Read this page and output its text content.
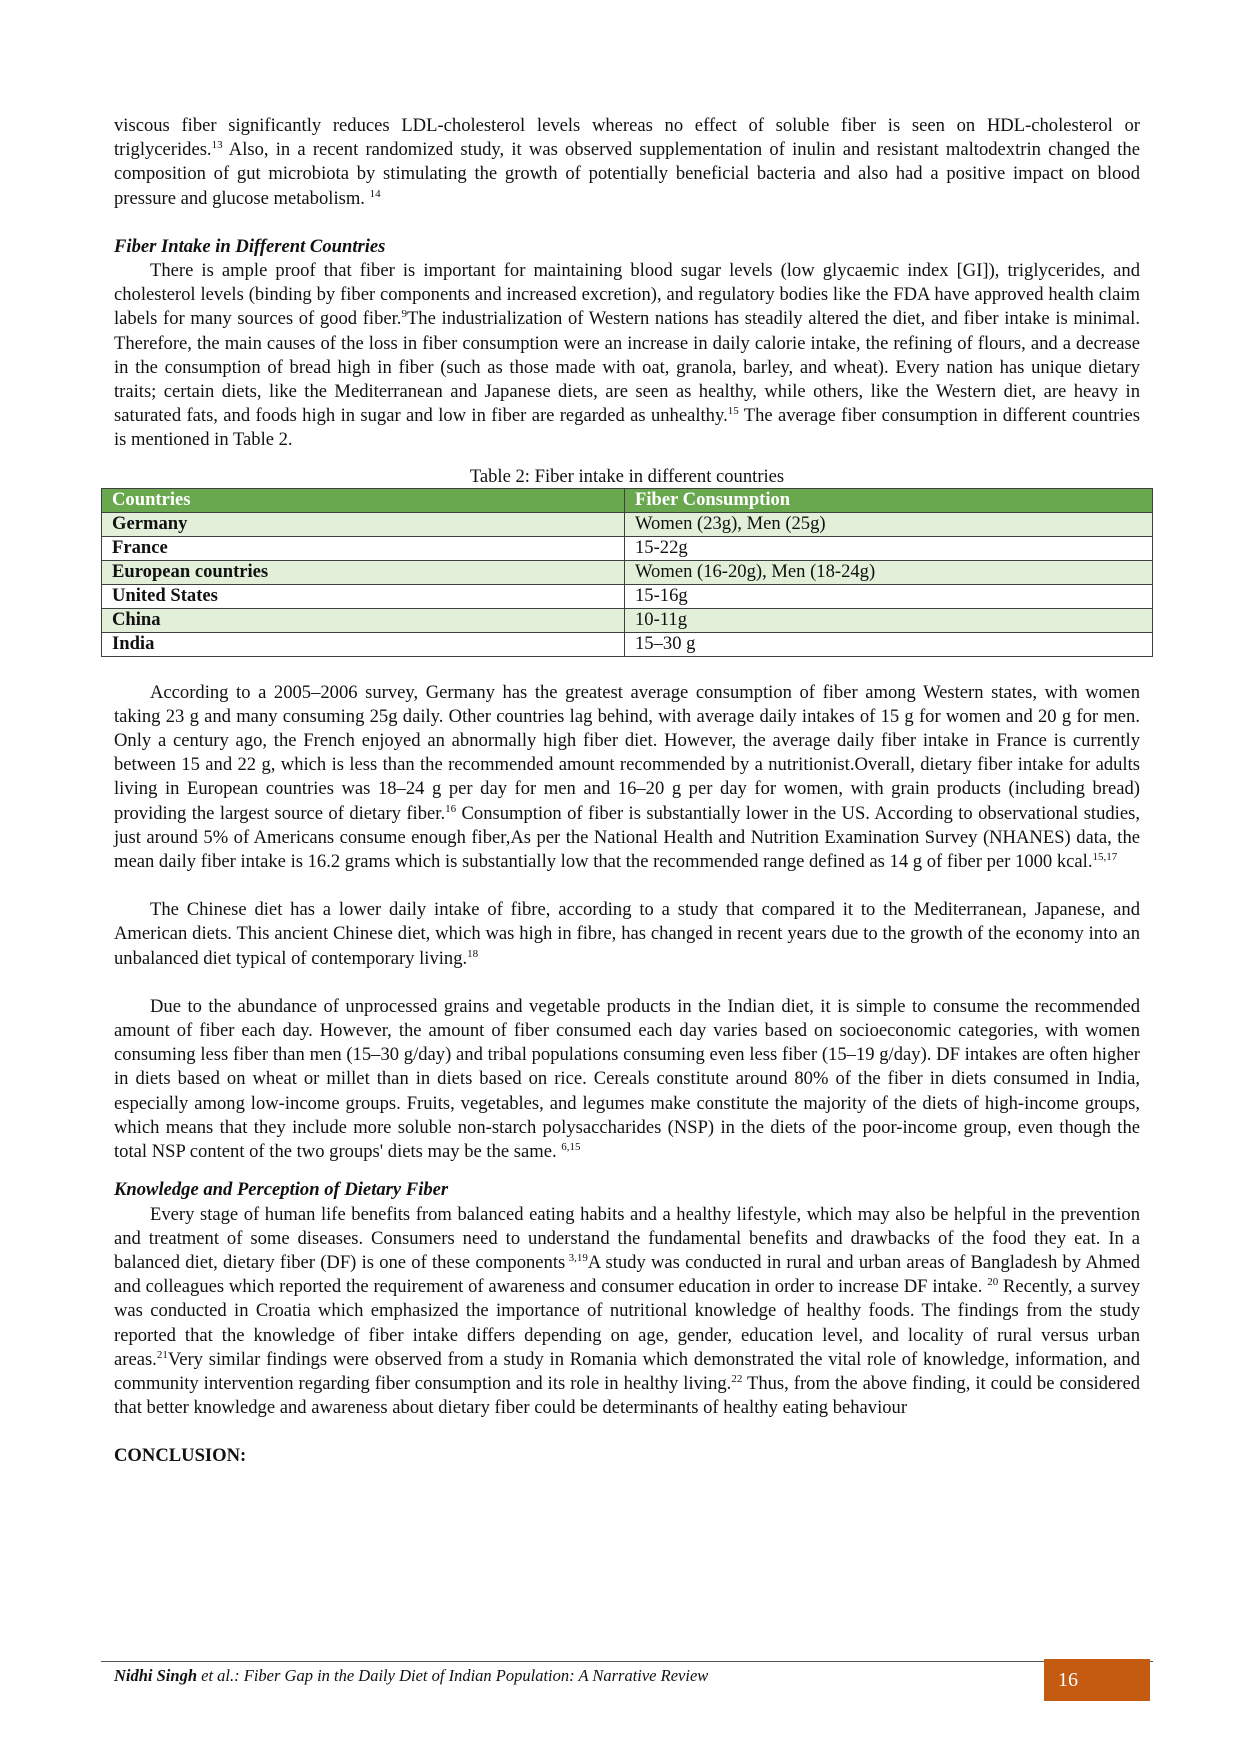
viscous fiber significantly reduces LDL-cholesterol levels whereas no effect of soluble fiber is seen on HDL-cholesterol or triglycerides.$^{13}$ Also, in a recent randomized study, it was observed supplementation of inulin and resistant maltodextrin changed the composition of gut microbiota by stimulating the growth of potentially beneficial bacteria and also had a positive impact on blood pressure and glucose metabolism. $^{14}$

Fiber Intake in Different Countries

There is ample proof that fiber is important for maintaining blood sugar levels (low glycaemic index [GI]), triglycerides, and cholesterol levels (binding by fiber components and increased excretion), and regulatory bodies like the FDA have approved health claim labels for many sources of good fiber.$^9$The industrialization of Western nations has steadily altered the diet, and fiber intake is minimal. Therefore, the main causes of the loss in fiber consumption were an increase in daily calorie intake, the refining of flours, and a decrease in the consumption of bread high in fiber (such as those made with oat, granola, barley, and wheat). Every nation has unique dietary traits; certain diets, like the Mediterranean and Japanese diets, are seen as healthy, while others, like the Western diet, are heavy in saturated fats, and foods high in sugar and low in fiber are regarded as unhealthy.$^{15}$ The average fiber consumption in different countries is mentioned in Table 2.

Table 2: Fiber intake in different countries
Countries	Fiber Consumption
Germany	Women (23g), Men (25g)
France	15-22g
European countries	Women (16-20g), Men (18-24g)
United States	15-16g
China	10-11g
India	15–30 g

According to a 2005–2006 survey, Germany has the greatest average consumption of fiber among Western states, with women taking 23 g and many consuming 25g daily. Other countries lag behind, with average daily intakes of 15 g for women and 20 g for men. Only a century ago, the French enjoyed an abnormally high fiber diet. However, the average daily fiber intake in France is currently between 15 and 22 g, which is less than the recommended amount recommended by a nutritionist.Overall, dietary fiber intake for adults living in European countries was 18–24 g per day for men and 16–20 g per day for women, with grain products (including bread) providing the largest source of dietary fiber.$^{16}$ Consumption of fiber is substantially lower in the US. According to observational studies, just around 5% of Americans consume enough fiber,As per the National Health and Nutrition Examination Survey (NHANES) data, the mean daily fiber intake is 16.2 grams which is substantially low that the recommended range defined as 14 g of fiber per 1000 kcal.$^{15,17}$

The Chinese diet has a lower daily intake of fibre, according to a study that compared it to the Mediterranean, Japanese, and American diets. This ancient Chinese diet, which was high in fibre, has changed in recent years due to the growth of the economy into an unbalanced diet typical of contemporary living.$^{18}$

Due to the abundance of unprocessed grains and vegetable products in the Indian diet, it is simple to consume the recommended amount of fiber each day. However, the amount of fiber consumed each day varies based on socioeconomic categories, with women consuming less fiber than men (15–30 g/day) and tribal populations consuming even less fiber (15–19 g/day). DF intakes are often higher in diets based on wheat or millet than in diets based on rice. Cereals constitute around 80% of the fiber in diets consumed in India, especially among low-income groups. Fruits, vegetables, and legumes make constitute the majority of the diets of high-income groups, which means that they include more soluble non-starch polysaccharides (NSP) in the diets of the poor-income group, even though the total NSP content of the two groups' diets may be the same. $^{6,15}$

Knowledge and Perception of Dietary Fiber

Every stage of human life benefits from balanced eating habits and a healthy lifestyle, which may also be helpful in the prevention and treatment of some diseases. Consumers need to understand the fundamental benefits and drawbacks of the food they eat. In a balanced diet, dietary fiber (DF) is one of these components $^{3,19}$A study was conducted in rural and urban areas of Bangladesh by Ahmed and colleagues which reported the requirement of awareness and consumer education in order to increase DF intake. $^{20}$ Recently, a survey was conducted in Croatia which emphasized the importance of nutritional knowledge of healthy foods. The findings from the study reported that the knowledge of fiber intake differs depending on age, gender, education level, and locality of rural versus urban areas.$^{21}$Very similar findings were observed from a study in Romania which demonstrated the vital role of knowledge, information, and community intervention regarding fiber consumption and its role in healthy living.$^{22}$ Thus, from the above finding, it could be considered that better knowledge and awareness about dietary fiber could be determinants of healthy eating behaviour

CONCLUSION:

Nidhi Singh et al.: Fiber Gap in the Daily Diet of Indian Population: A Narrative Review	16
